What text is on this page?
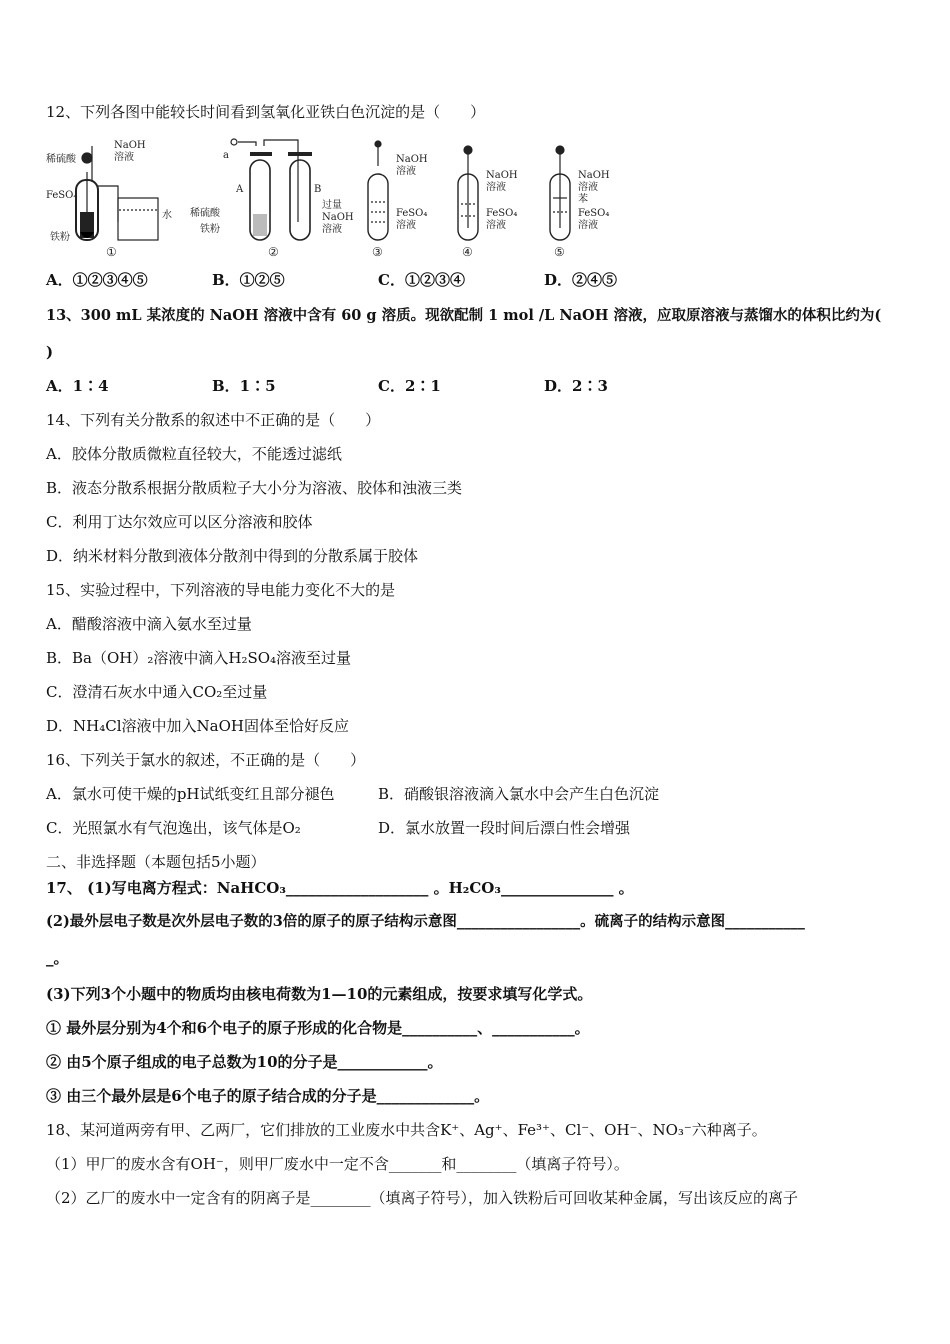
12、下列各图中能较长时间看到氢氧化亚铁白色沉淀的是（　　）
NaOH
溶液
稀硫酸
FeSO₄
水
铁粉
①
a
A	B
过量
NaOH
溶液
稀硫酸
铁粉
②
NaOH
溶液
FeSO₄
溶液
③
NaOH
溶液
FeSO₄
溶液
④
NaOH
溶液
苯
FeSO₄
溶液
⑤
A．①②③④⑤	B．①②⑤	C．①②③④	D．②④⑤
13、300 mL 某浓度的 NaOH 溶液中含有 60 g 溶质。现欲配制 1 mol /L NaOH 溶液，应取原溶液与蒸馏水的体积比约为(
)
A．1∶4	B．1∶5	C．2∶1	D．2∶3
14、下列有关分散系的叙述中不正确的是（　　）
A．胶体分散质微粒直径较大，不能透过滤纸
B．液态分散系根据分散质粒子大小分为溶液、胶体和浊液三类
C．利用丁达尔效应可以区分溶液和胶体
D．纳米材料分散到液体分散剂中得到的分散系属于胶体
15、实验过程中，下列溶液的导电能力变化不大的是
A．醋酸溶液中滴入氨水至过量
B．Ba（OH）₂溶液中滴入H₂SO₄溶液至过量
C．澄清石灰水中通入CO₂至过量
D．NH₄Cl溶液中加入NaOH固体至恰好反应
16、下列关于氯水的叙述，不正确的是（　　）
A．氯水可使干燥的pH试纸变红且部分褪色	B．硝酸银溶液滴入氯水中会产生白色沉淀
C．光照氯水有气泡逸出，该气体是O₂	D．氯水放置一段时间后漂白性会增强
二、非选择题（本题包括5小题）
17、 (1)写电离方程式：NaHCO₃___________________ 。H₂CO₃_______________ 。
(2)最外层电子数是次外层电子数的3倍的原子的原子结构示意图_________________。硫离子的结构示意图___________
_。
(3)下列3个小题中的物质均由核电荷数为1—10的元素组成，按要求填写化学式。
① 最外层分别为4个和6个电子的原子形成的化合物是__________、___________。
② 由5个原子组成的电子总数为10的分子是____________。
③ 由三个最外层是6个电子的原子结合成的分子是_____________。
18、某河道两旁有甲、乙两厂，它们排放的工业废水中共含K⁺、Ag⁺、Fe³⁺、Cl⁻、OH⁻、NO₃⁻六种离子。
（1）甲厂的废水含有OH⁻，则甲厂废水中一定不含_______和________（填离子符号）。
（2）乙厂的废水中一定含有的阴离子是________（填离子符号），加入铁粉后可回收某种金属，写出该反应的离子
